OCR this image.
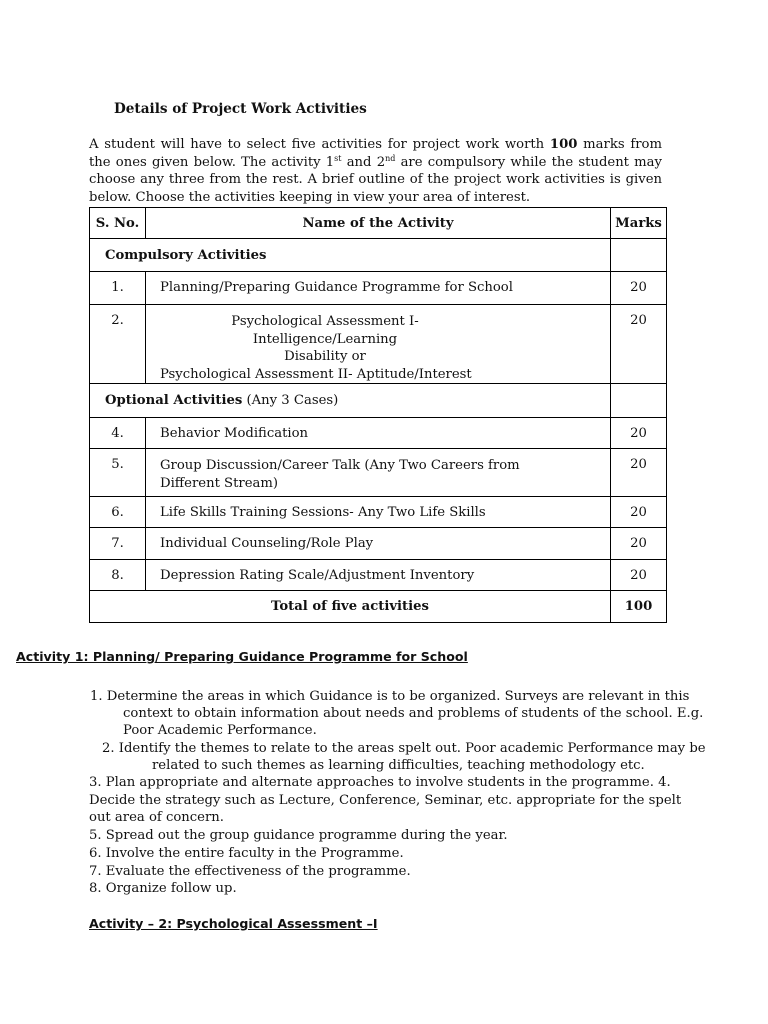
Details of Project Work Activities
A student will have to select five activities for project work worth 100 marks from the ones given below. The activity 1st and 2nd are compulsory while the student may choose any three from the rest. A brief outline of the project work activities is given below. Choose the activities keeping in view your area of interest.
S. No.	Name of the Activity	Marks
Compulsory Activities		
1.	Planning/Preparing Guidance Programme for School	20
2.	Psychological Assessment I-Intelligence/Learning
Disability or
Psychological Assessment II- Aptitude/Interest	20
Optional Activities (Any 3 Cases)		
4.	Behavior Modification	20
5.	Group Discussion/Career Talk (Any Two Careers from
Different Stream)	20
6.	Life Skills Training Sessions- Any Two Life Skills	20
7.	Individual Counseling/Role Play	20
8.	Depression Rating Scale/Adjustment Inventory	20
Total of five activities		100
Activity 1: Planning/ Preparing Guidance Programme for School
1. Determine the areas in which Guidance is to be organized. Surveys are relevant in this
context to obtain information about needs and problems of students of the school. E.g.
Poor Academic Performance.
2. Identify the themes to relate to the areas spelt out. Poor academic Performance may be
related to such themes as learning difficulties, teaching methodology etc.
3. Plan appropriate and alternate approaches to involve students in the programme. 4.
Decide the strategy such as Lecture, Conference, Seminar, etc. appropriate for the spelt
out area of concern.
5. Spread out the group guidance programme during the year.
6. Involve the entire faculty in the Programme.
7. Evaluate the effectiveness of the programme.
8. Organize follow up.
Activity – 2: Psychological Assessment –I
